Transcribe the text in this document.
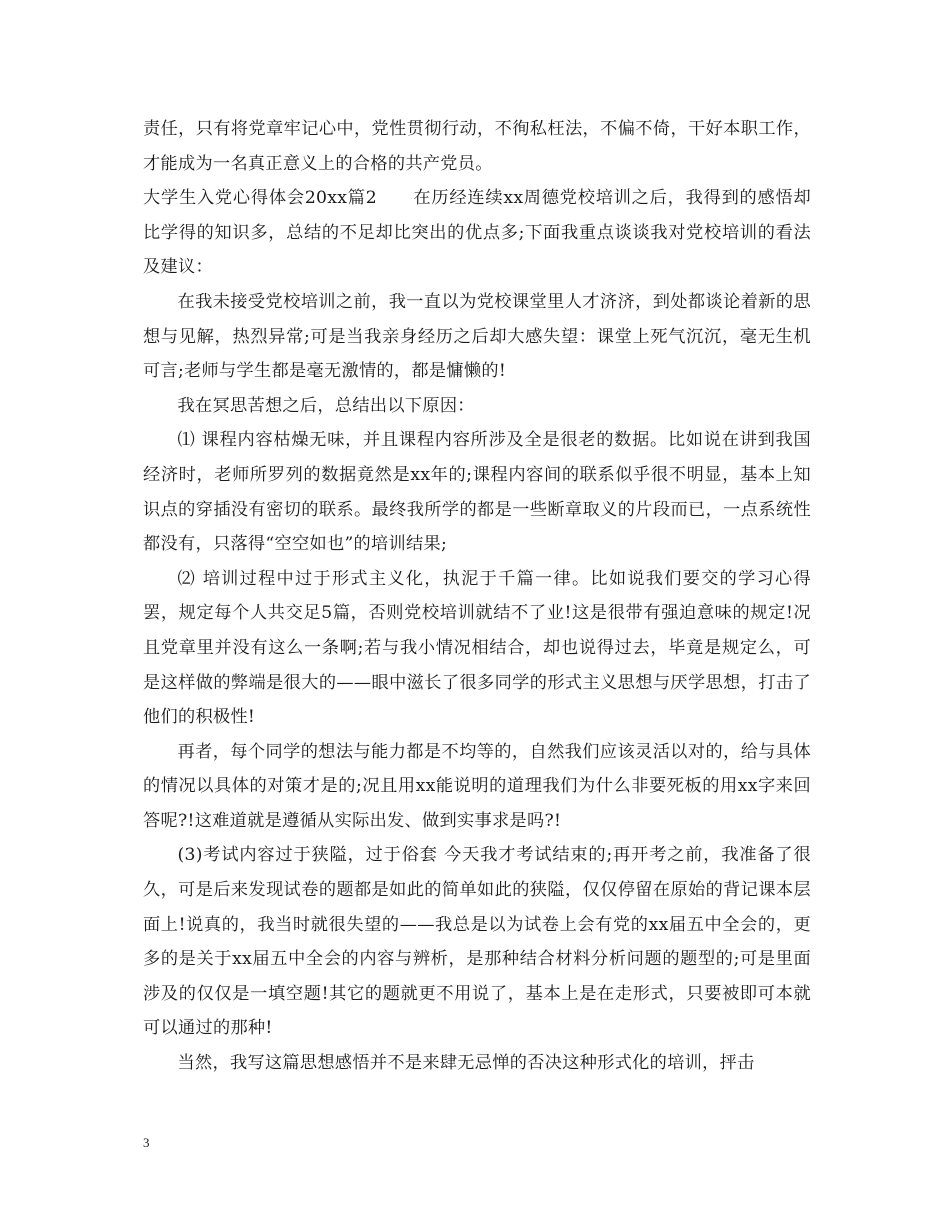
责任，只有将党章牢记心中，党性贯彻行动，不徇私枉法，不偏不倚，干好本职工作，才能成为一名真正意义上的合格的共产党员。

大学生入党心得体会20xx篇2　　在历经连续xx周德党校培训之后，我得到的感悟却比学得的知识多，总结的不足却比突出的优点多;下面我重点谈谈我对党校培训的看法及建议：

在我未接受党校培训之前，我一直以为党校课堂里人才济济，到处都谈论着新的思想与见解，热烈异常;可是当我亲身经历之后却大感失望：课堂上死气沉沉，毫无生机可言;老师与学生都是毫无激情的，都是慵懒的!

我在冥思苦想之后，总结出以下原因：

⑴ 课程内容枯燥无味，并且课程内容所涉及全是很老的数据。比如说在讲到我国经济时，老师所罗列的数据竟然是xx年的;课程内容间的联系似乎很不明显，基本上知识点的穿插没有密切的联系。最终我所学的都是一些断章取义的片段而已，一点系统性都没有，只落得“空空如也”的培训结果;

⑵ 培训过程中过于形式主义化，执泥于千篇一律。比如说我们要交的学习心得罢，规定每个人共交足5篇，否则党校培训就结不了业!这是很带有强迫意味的规定!况且党章里并没有这么一条啊;若与我小情况相结合，却也说得过去，毕竟是规定么，可是这样做的弊端是很大的——眼中滋长了很多同学的形式主义思想与厌学思想，打击了他们的积极性!

再者，每个同学的想法与能力都是不均等的，自然我们应该灵活以对的，给与具体的情况以具体的对策才是的;况且用xx能说明的道理我们为什么非要死板的用xx字来回答呢?!这难道就是遵循从实际出发、做到实事求是吗?!

(3)考试内容过于狭隘，过于俗套 今天我才考试结束的;再开考之前，我准备了很久，可是后来发现试卷的题都是如此的简单如此的狭隘，仅仅停留在原始的背记课本层面上!说真的，我当时就很失望的——我总是以为试卷上会有党的xx届五中全会的，更多的是关于xx届五中全会的内容与辨析，是那种结合材料分析问题的题型的;可是里面涉及的仅仅是一填空题!其它的题就更不用说了，基本上是在走形式，只要被即可本就可以通过的那种!

当然，我写这篇思想感悟并不是来肆无忌惮的否决这种形式化的培训，抨击

3
